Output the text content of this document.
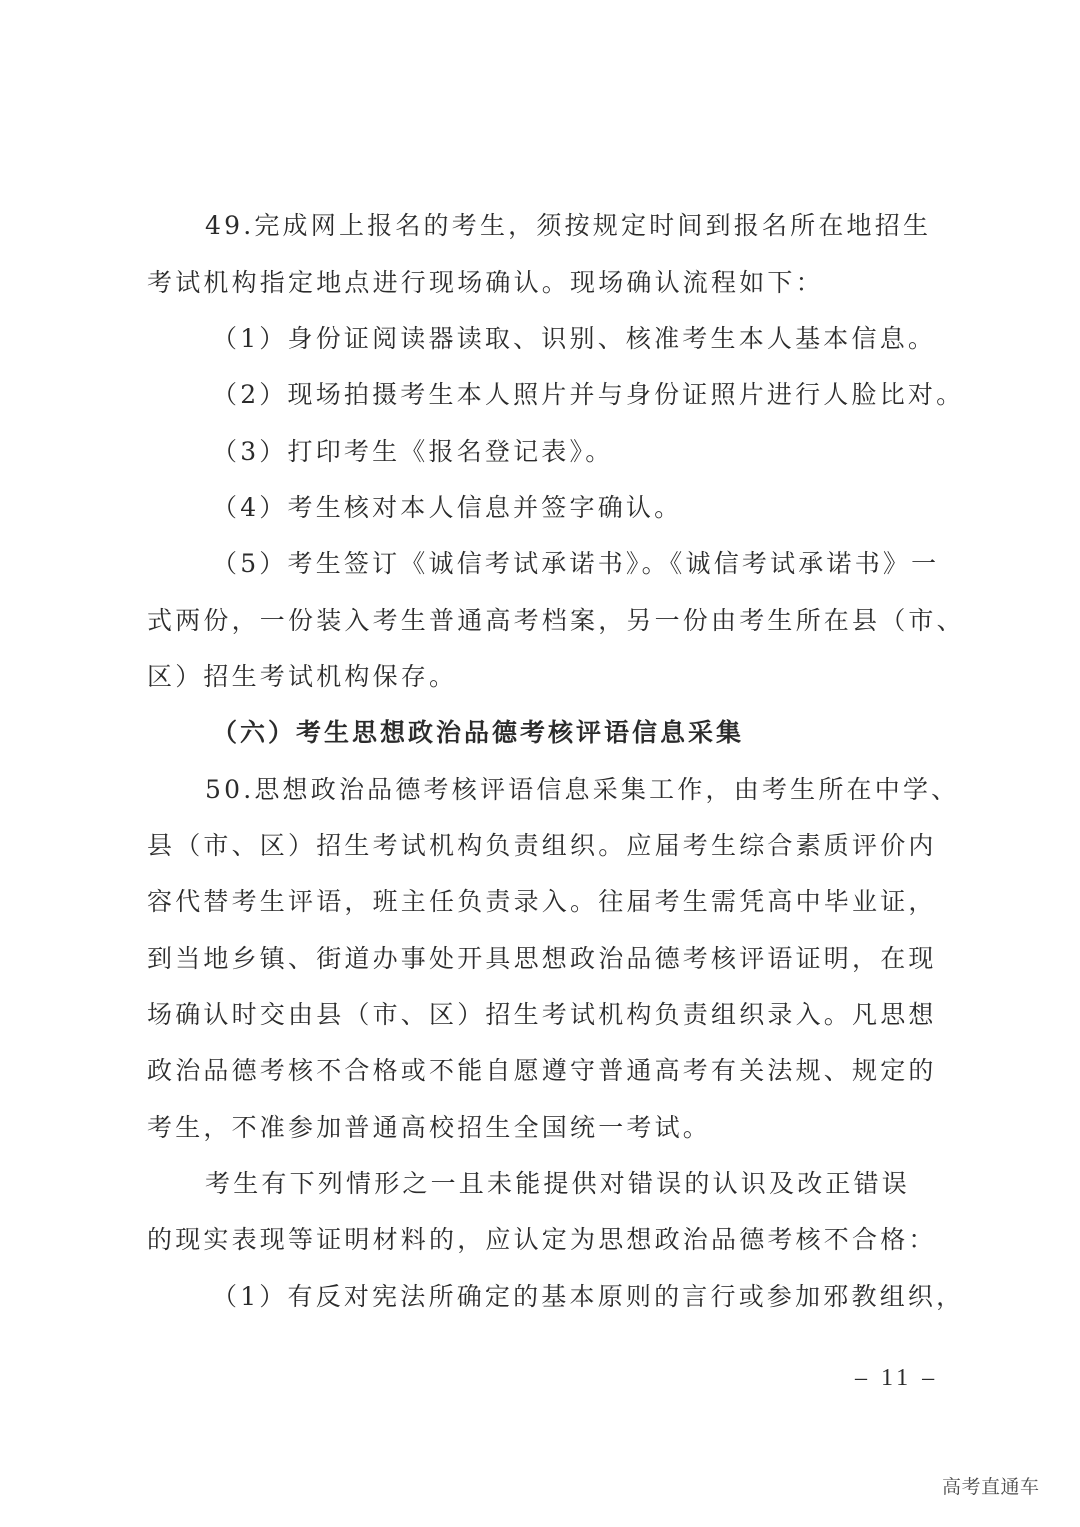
49.完成网上报名的考生，须按规定时间到报名所在地招生
考试机构指定地点进行现场确认。现场确认流程如下：
（1）身份证阅读器读取、识别、核准考生本人基本信息。
（2）现场拍摄考生本人照片并与身份证照片进行人脸比对。
（3）打印考生《报名登记表》。
（4）考生核对本人信息并签字确认。
（5）考生签订《诚信考试承诺书》。《诚信考试承诺书》一
式两份，一份装入考生普通高考档案，另一份由考生所在县（市、
区）招生考试机构保存。
（六）考生思想政治品德考核评语信息采集
50.思想政治品德考核评语信息采集工作，由考生所在中学、
县（市、区）招生考试机构负责组织。应届考生综合素质评价内
容代替考生评语，班主任负责录入。往届考生需凭高中毕业证，
到当地乡镇、街道办事处开具思想政治品德考核评语证明，在现
场确认时交由县（市、区）招生考试机构负责组织录入。凡思想
政治品德考核不合格或不能自愿遵守普通高考有关法规、规定的
考生，不准参加普通高校招生全国统一考试。
考生有下列情形之一且未能提供对错误的认识及改正错误
的现实表现等证明材料的，应认定为思想政治品德考核不合格：
（1）有反对宪法所确定的基本原则的言行或参加邪教组织，
– 11 –
高考直通车
